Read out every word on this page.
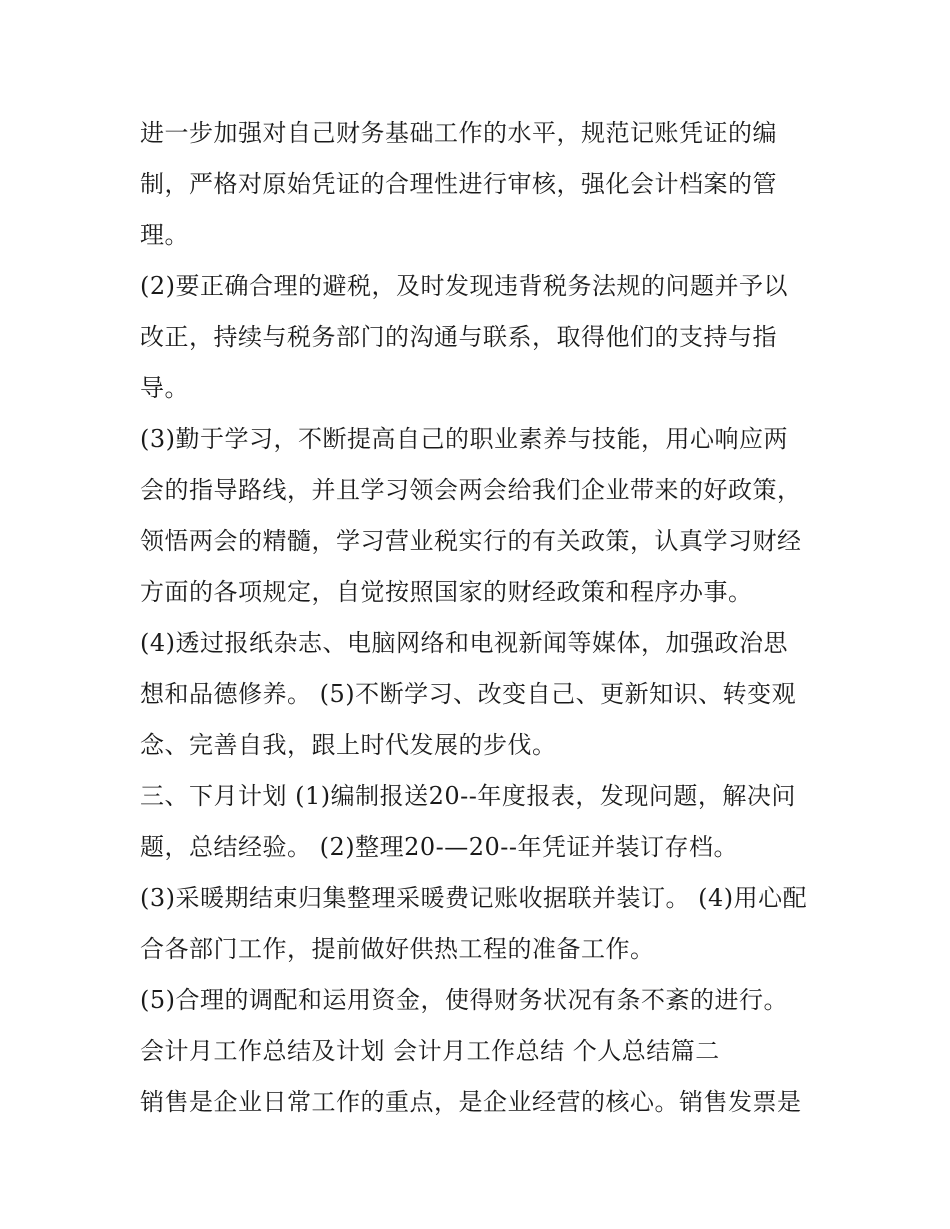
进一步加强对自己财务基础工作的水平，规范记账凭证的编
制，严格对原始凭证的合理性进行审核，强化会计档案的管
理。
(2)要正确合理的避税，及时发现违背税务法规的问题并予以
改正，持续与税务部门的沟通与联系，取得他们的支持与指
导。
(3)勤于学习，不断提高自己的职业素养与技能，用心响应两
会的指导路线，并且学习领会两会给我们企业带来的好政策，
领悟两会的精髓，学习营业税实行的有关政策，认真学习财经
方面的各项规定，自觉按照国家的财经政策和程序办事。
(4)透过报纸杂志、电脑网络和电视新闻等媒体，加强政治思
想和品德修养。 (5)不断学习、改变自己、更新知识、转变观
念、完善自我，跟上时代发展的步伐。
三、下月计划 (1)编制报送20--年度报表，发现问题，解决问
题，总结经验。 (2)整理20-—20--年凭证并装订存档。
(3)采暖期结束归集整理采暖费记账收据联并装订。 (4)用心配
合各部门工作，提前做好供热工程的准备工作。
(5)合理的调配和运用资金，使得财务状况有条不紊的进行。
会计月工作总结及计划 会计月工作总结 个人总结篇二
销售是企业日常工作的重点，是企业经营的核心。销售发票是
